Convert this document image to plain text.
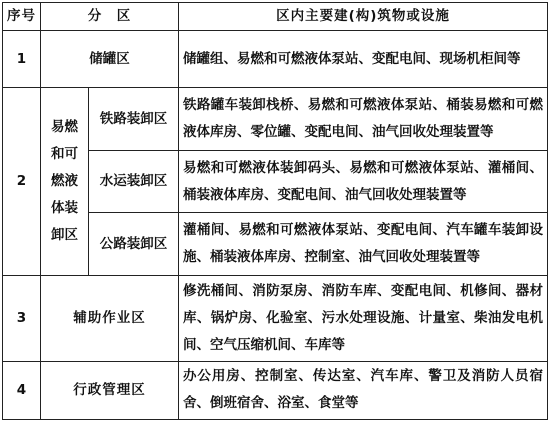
序号	分　区		区内主要建(构)筑物或设施
1	储罐区		储罐组、易燃和可燃液体泵站、变配电间、现场机柜间等
2	易燃
和可
燃液
体装
卸区	铁路装卸区	铁路罐车装卸栈桥、易燃和可燃液体泵站、桶装易燃和可燃液体库房、零位罐、变配电间、油气回收处理装置等
		水运装卸区	易燃和可燃液体装卸码头、易燃和可燃液体泵站、灌桶间、桶装液体库房、变配电间、油气回收处理装置等
		公路装卸区	灌桶间、易燃和可燃液体泵站、变配电间、汽车罐车装卸设施、桶装液体库房、控制室、油气回收处理装置等
3	辅助作业区		修洗桶间、消防泵房、消防车库、变配电间、机修间、器材库、锅炉房、化验室、污水处理设施、计量室、柴油发电机间、空气压缩机间、车库等
4	行政管理区		办公用房、控制室、传达室、汽车库、警卫及消防人员宿舍、倒班宿舍、浴室、食堂等
